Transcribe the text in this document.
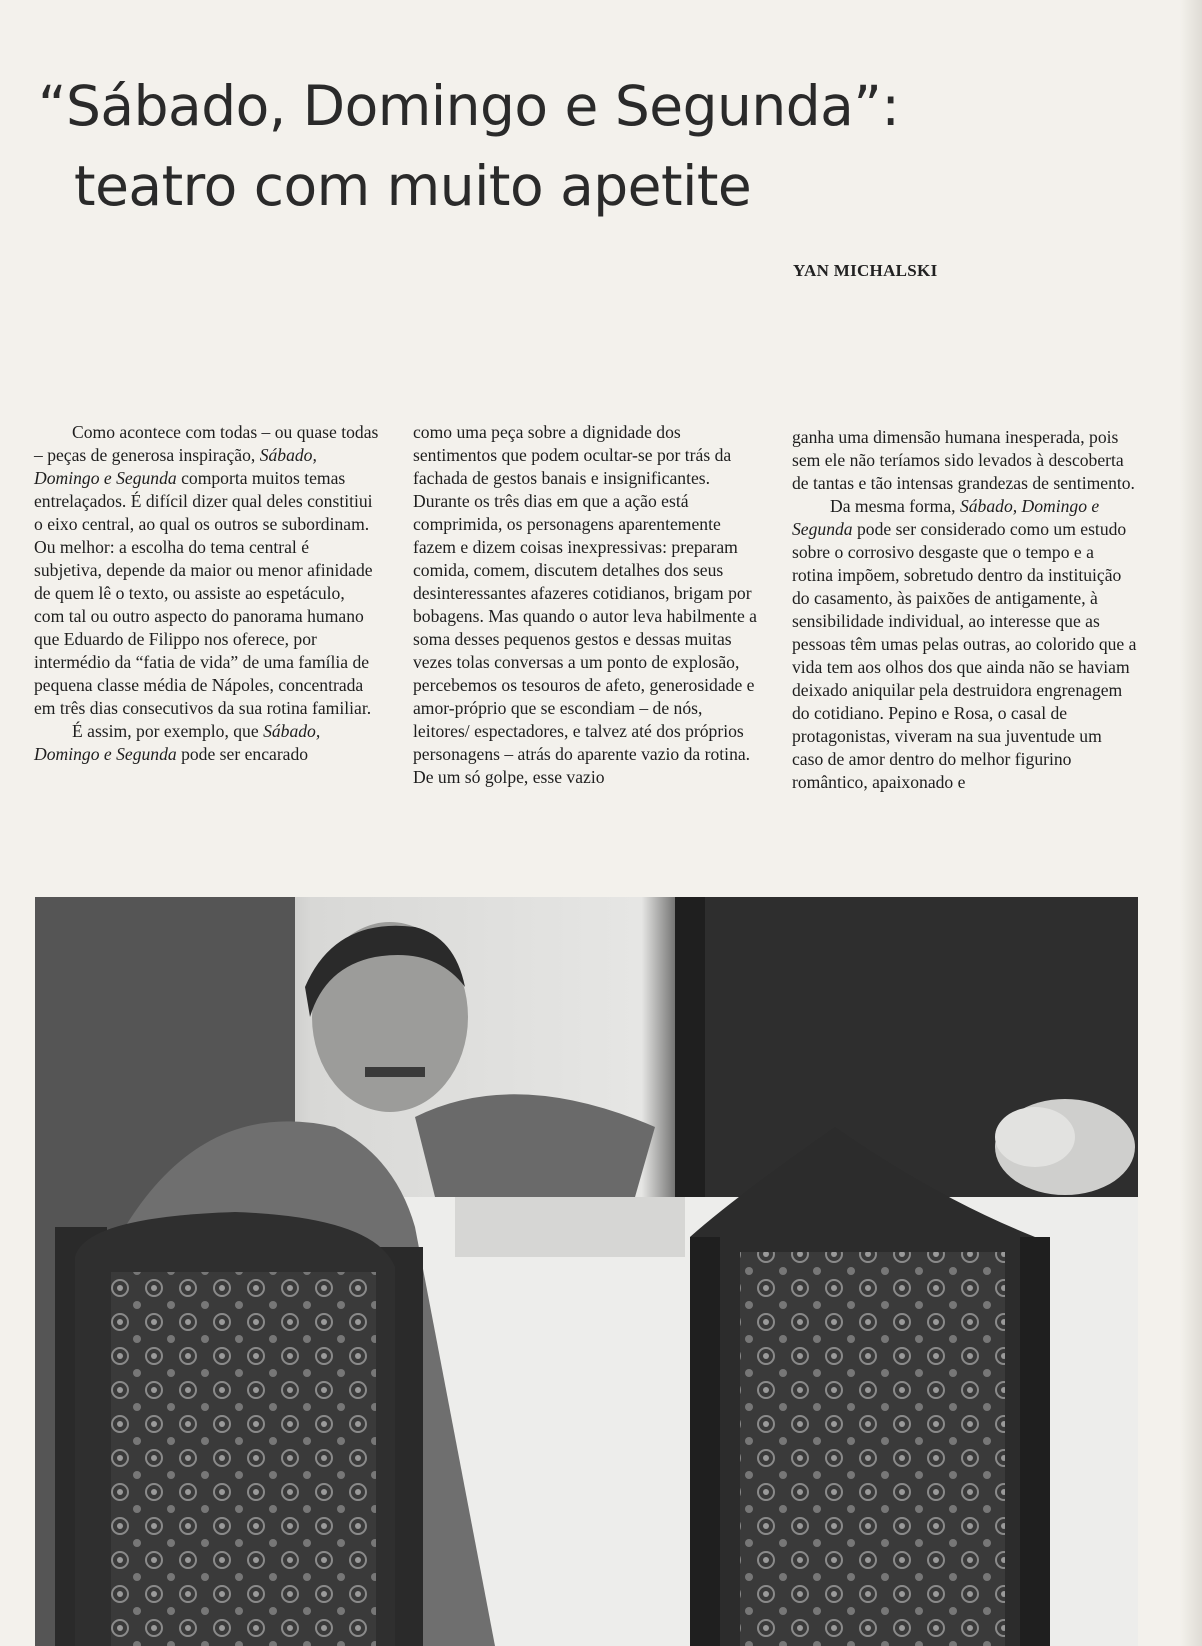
“Sábado, Domingo e Segunda”:
teatro com muito apetite
YAN MICHALSKI

Como acontece com todas – ou quase todas – peças de generosa inspiração, Sábado, Domingo e Segunda comporta muitos temas entrelaçados. É difícil dizer qual deles constitiui o eixo central, ao qual os outros se subordinam. Ou melhor: a escolha do tema central é subjetiva, depende da maior ou menor afinidade de quem lê o texto, ou assiste ao espetáculo, com tal ou outro aspecto do panorama humano que Eduardo de Filippo nos oferece, por intermédio da “fatia de vida” de uma família de pequena classe média de Nápoles, concentrada em três dias consecutivos da sua rotina familiar.

É assim, por exemplo, que Sábado, Domingo e Segunda pode ser encarado

como uma peça sobre a dignidade dos sentimentos que podem ocultar-se por trás da fachada de gestos banais e insignificantes. Durante os três dias em que a ação está comprimida, os personagens aparentemente fazem e dizem coisas inexpressivas: preparam comida, comem, discutem detalhes dos seus desinteressantes afazeres cotidianos, brigam por bobagens. Mas quando o autor leva habilmente a soma desses pequenos gestos e dessas muitas vezes tolas conversas a um ponto de explosão, percebemos os tesouros de afeto, generosidade e amor-próprio que se escondiam – de nós, leitores/ espectadores, e talvez até dos próprios personagens – atrás do aparente vazio da rotina. De um só golpe, esse vazio

ganha uma dimensão humana inesperada, pois sem ele não teríamos sido levados à descoberta de tantas e tão intensas grandezas de sentimento.

Da mesma forma, Sábado, Domingo e Segunda pode ser considerado como um estudo sobre o corrosivo desgaste que o tempo e a rotina impõem, sobretudo dentro da instituição do casamento, às paixões de antigamente, à sensibilidade individual, ao interesse que as pessoas têm umas pelas outras, ao colorido que a vida tem aos olhos dos que ainda não se haviam deixado aniquilar pela destruidora engrenagem do cotidiano. Pepino e Rosa, o casal de protagonistas, viveram na sua juventude um caso de amor dentro do melhor figurino romântico, apaixonado e
